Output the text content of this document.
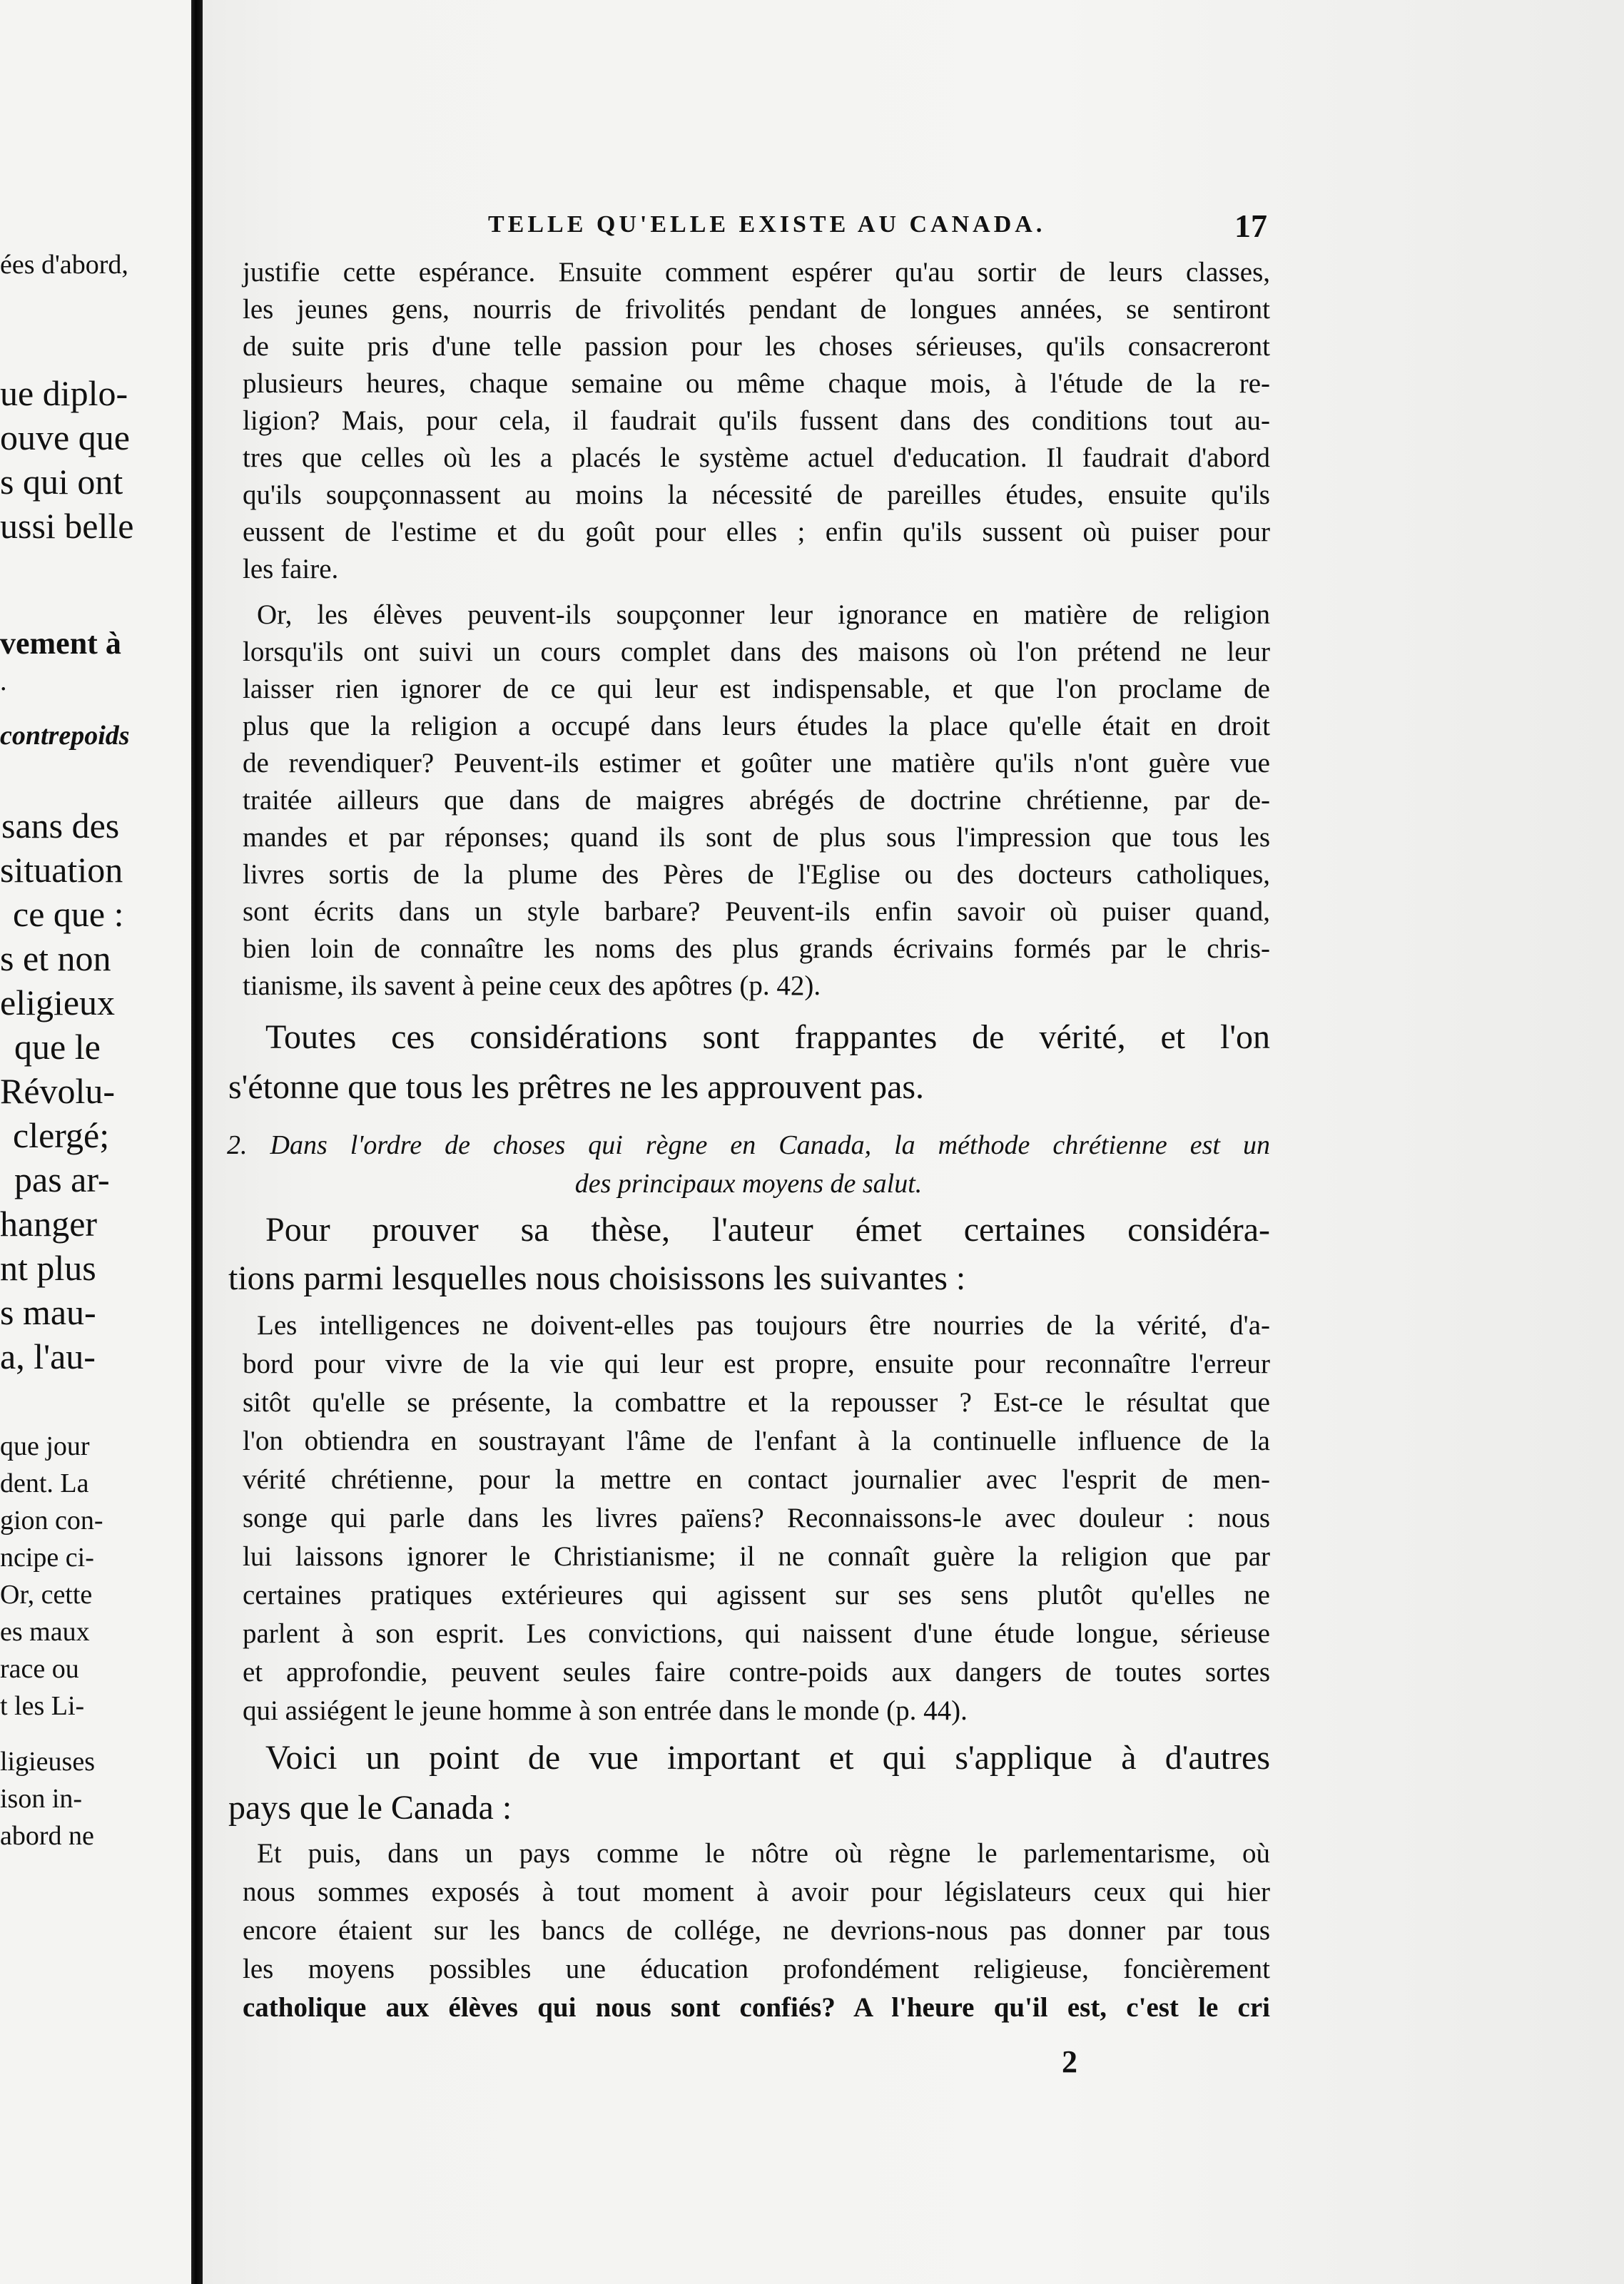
ées d'abord,
ue diplo-
ouve que
s qui ont
ussi belle
vement à
.
contrepoids
sans des
situation
ce que :
s et non
eligieux
que le
Révolu-
clergé;
pas ar-
hanger
nt plus
s mau-
a, l'au-
que jour
dent. La
gion con-
ncipe ci-
Or, cette
es maux
race ou
t les Li-
ligieuses
ison in-
abord ne
TELLE QU'ELLE EXISTE AU CANADA.	17
justifie cette espérance. Ensuite comment espérer qu'au sortir de leurs classes,
les jeunes gens, nourris de frivolités pendant de longues années, se sentiront
de suite pris d'une telle passion pour les choses sérieuses, qu'ils consacreront
plusieurs heures, chaque semaine ou même chaque mois, à l'étude de la re-
ligion? Mais, pour cela, il faudrait qu'ils fussent dans des conditions tout au-
tres que celles où les a placés le système actuel d'education. Il faudrait d'abord
qu'ils soupçonnassent au moins la nécessité de pareilles études, ensuite qu'ils
eussent de l'estime et du goût pour elles ; enfin qu'ils sussent où puiser pour
les faire.
Or, les élèves peuvent-ils soupçonner leur ignorance en matière de religion
lorsqu'ils ont suivi un cours complet dans des maisons où l'on prétend ne leur
laisser rien ignorer de ce qui leur est indispensable, et que l'on proclame de
plus que la religion a occupé dans leurs études la place qu'elle était en droit
de revendiquer? Peuvent-ils estimer et goûter une matière qu'ils n'ont guère vue
traitée ailleurs que dans de maigres abrégés de doctrine chrétienne, par de-
mandes et par réponses; quand ils sont de plus sous l'impression que tous les
livres sortis de la plume des Pères de l'Eglise ou des docteurs catholiques,
sont écrits dans un style barbare? Peuvent-ils enfin savoir où puiser quand,
bien loin de connaître les noms des plus grands écrivains formés par le chris-
tianisme, ils savent à peine ceux des apôtres (p. 42).
Toutes ces considérations sont frappantes de vérité, et l'on
s'étonne que tous les prêtres ne les approuvent pas.
2. Dans l'ordre de choses qui règne en Canada, la méthode chrétienne est un
des principaux moyens de salut.
Pour prouver sa thèse, l'auteur émet certaines considéra-
tions parmi lesquelles nous choisissons les suivantes :
Les intelligences ne doivent-elles pas toujours être nourries de la vérité, d'a-
bord pour vivre de la vie qui leur est propre, ensuite pour reconnaître l'erreur
sitôt qu'elle se présente, la combattre et la repousser ? Est-ce le résultat que
l'on obtiendra en soustrayant l'âme de l'enfant à la continuelle influence de la
vérité chrétienne, pour la mettre en contact journalier avec l'esprit de men-
songe qui parle dans les livres païens? Reconnaissons-le avec douleur : nous
lui laissons ignorer le Christianisme; il ne connaît guère la religion que par
certaines pratiques extérieures qui agissent sur ses sens plutôt qu'elles ne
parlent à son esprit. Les convictions, qui naissent d'une étude longue, sérieuse
et approfondie, peuvent seules faire contre-poids aux dangers de toutes sortes
qui assiégent le jeune homme à son entrée dans le monde (p. 44).
Voici un point de vue important et qui s'applique à d'autres
pays que le Canada :
Et puis, dans un pays comme le nôtre où règne le parlementarisme, où
nous sommes exposés à tout moment à avoir pour législateurs ceux qui hier
encore étaient sur les bancs de collége, ne devrions-nous pas donner par tous
les moyens possibles une éducation profondément religieuse, foncièrement
catholique aux élèves qui nous sont confiés? A l'heure qu'il est, c'est le cri
2
